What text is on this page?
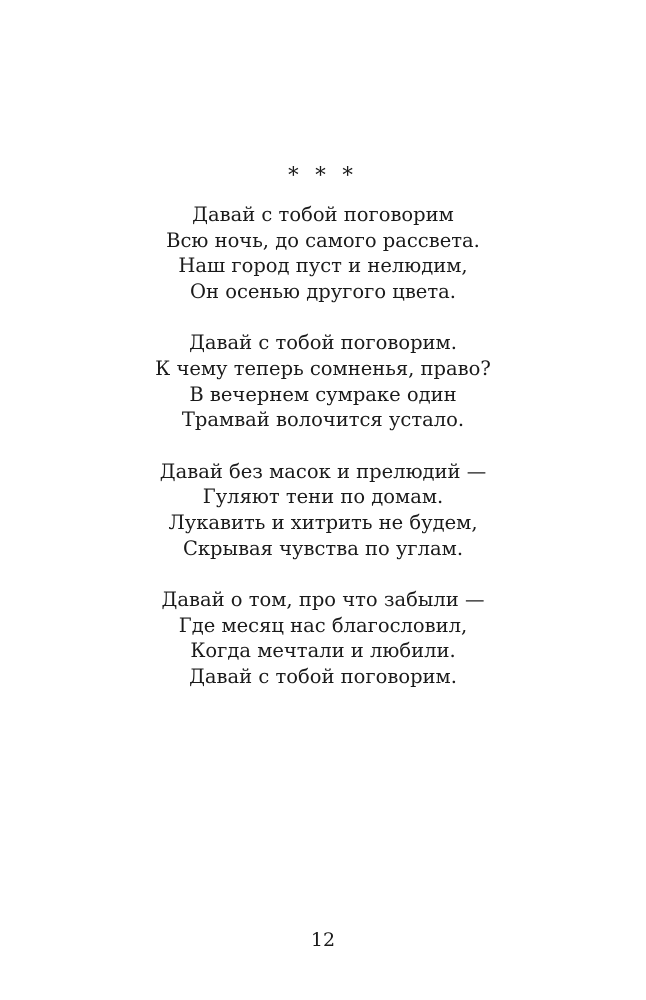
* * *
Давай с тобой поговорим
Всю ночь, до самого рассвета.
Наш город пуст и нелюдим,
Он осенью другого цвета.
Давай с тобой поговорим.
К чему теперь сомненья, право?
В вечернем сумраке один
Трамвай волочится устало.
Давай без масок и прелюдий —
Гуляют тени по домам.
Лукавить и хитрить не будем,
Скрывая чувства по углам.
Давай о том, про что забыли —
Где месяц нас благословил,
Когда мечтали и любили.
Давай с тобой поговорим.
12
